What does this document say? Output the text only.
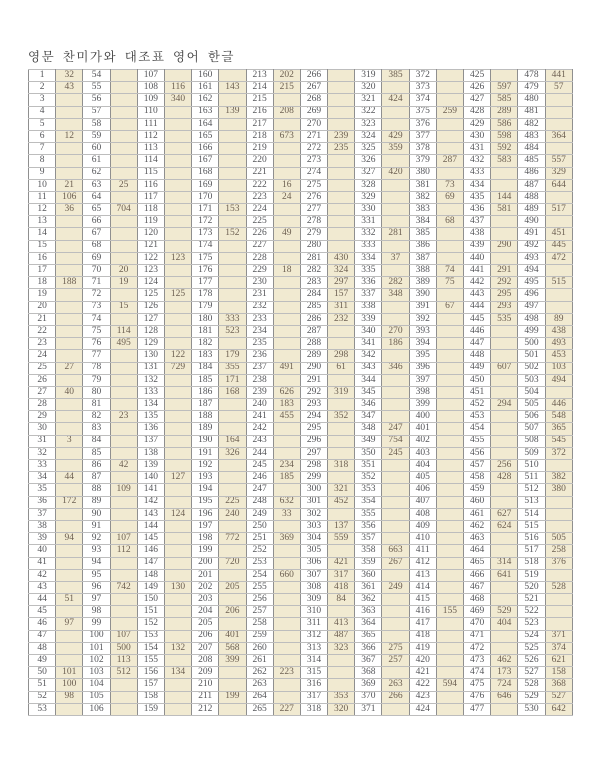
영문 찬미가와 대조표 영어 한글
1	32	54		107		160		213	202	266		319	385	372		425		478	441
2	43	55		108	116	161	143	214	215	267		320		373		426	597	479	57
3		56		109	340	162		215		268		321	424	374		427	585	480	
4		57		110		163	139	216	208	269		322		375	259	428	289	481	
5		58		111		164		217		270		323		376		429	586	482	
6	12	59		112		165		218	673	271	239	324	429	377		430	598	483	364
7		60		113		166		219		272	235	325	359	378		431	592	484	
8		61		114		167		220		273		326		379	287	432	583	485	557
9		62		115		168		221		274		327	420	380		433		486	329
10	21	63	25	116		169		222	16	275		328		381	73	434		487	644
11	106	64		117		170		223	24	276		329		382	69	435	144	488	
12	36	65	704	118		171	153	224		277		330		383		436	581	489	517
13		66		119		172		225		278		331		384	68	437		490	
14		67		120		173	152	226	49	279		332	281	385		438		491	451
15		68		121		174		227		280		333		386		439	290	492	445
16		69		122	123	175		228		281	430	334	37	387		440		493	472
17		70	20	123		176		229	18	282	324	335		388	74	441	291	494	
18	188	71	19	124		177		230		283	297	336	282	389	75	442	292	495	515
19		72		125	125	178		231		284	157	337	348	390		443	295	496	
20		73	15	126		179		232		285	311	338		391	67	444	293	497	
21		74		127		180	333	233		286	232	339		392		445	535	498	89
22		75	114	128		181	523	234		287		340	270	393		446		499	438
23		76	495	129		182		235		288		341	186	394		447		500	493
24		77		130	122	183	179	236		289	298	342		395		448		501	453
25	27	78		131	729	184	355	237	491	290	61	343	346	396		449	607	502	103
26		79		132		185	171	238		291		344		397		450		503	494
27	40	80		133		186	168	239	626	292	319	345		398		451		504	
28		81		134		187		240	183	293		346		399		452	294	505	446
29		82	23	135		188		241	455	294	352	347		400		453		506	548
30		83		136		189		242		295		348	247	401		454		507	365
31	3	84		137		190	164	243		296		349	754	402		455		508	545
32		85		138		191	326	244		297		350	245	403		456		509	372
33		86	42	139		192		245	234	298	318	351		404		457	256	510	
34	44	87		140	127	193		246	185	299		352		405		458	428	511	382
35		88	109	141		194		247		300	321	353		406		459		512	380
36	172	89		142		195	225	248	632	301	452	354		407		460		513	
37		90		143	124	196	240	249	33	302		355		408		461	627	514	
38		91		144		197		250		303	137	356		409		462	624	515	
39	94	92	107	145		198	772	251	369	304	559	357		410		463		516	505
40		93	112	146		199		252		305		358	663	411		464		517	258
41		94		147		200	720	253		306	421	359	267	412		465	314	518	376
42		95		148		201		254	660	307	317	360		413		466	641	519	
43		96	742	149	130	202	205	255		308	418	361	249	414		467		520	528
44	51	97		150		203		256		309	84	362		415		468		521	
45		98		151		204	206	257		310		363		416	155	469	529	522	
46	97	99		152		205		258		311	413	364		417		470	404	523	
47		100	107	153		206	401	259		312	487	365		418		471		524	371
48		101	500	154	132	207	568	260		313	323	366	275	419		472		525	374
49		102	113	155		208	399	261		314		367	257	420		473	462	526	621
50	101	103	512	156	134	209		262	223	315		368		421		474	173	527	158
51	100	104		157		210		263		316		369	263	422	594	475	724	528	368
52	98	105		158		211	199	264		317	353	370	266	423		476	646	529	527
53		106		159		212		265	227	318	320	371		424		477		530	642
